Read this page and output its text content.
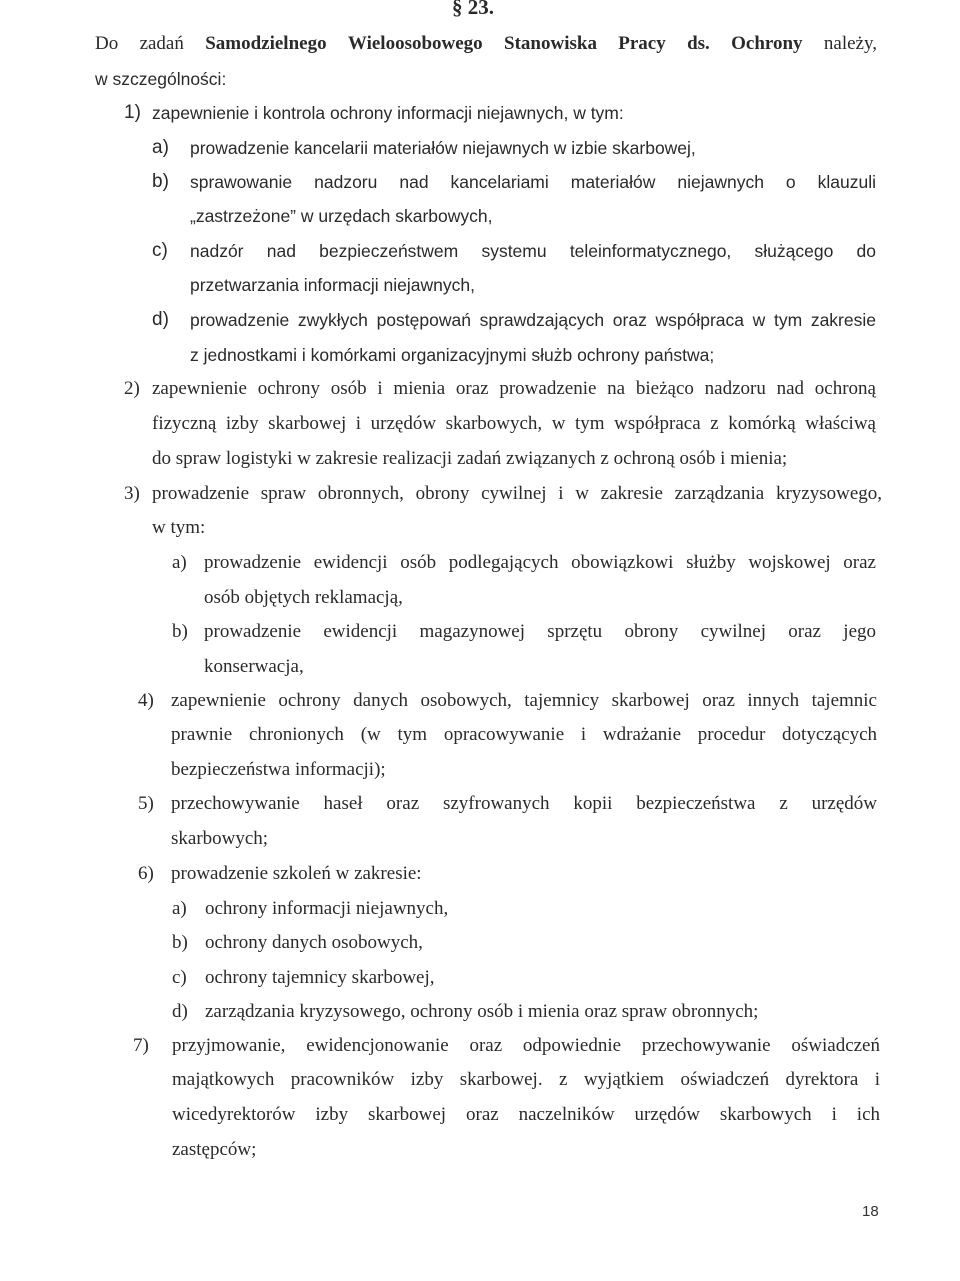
§ 23.
Do zadań Samodzielnego Wieloosobowego Stanowiska Pracy ds. Ochrony należy,
w szczególności:
1) zapewnienie i kontrola ochrony informacji niejawnych, w tym:
a) prowadzenie kancelarii materiałów niejawnych w izbie skarbowej,
b) sprawowanie nadzoru nad kancelariami materiałów niejawnych o klauzuli
„zastrzeżone” w urzędach skarbowych,
c) nadzór nad bezpieczeństwem systemu teleinformatycznego, służącego do
przetwarzania informacji niejawnych,
d) prowadzenie zwykłych postępowań sprawdzających oraz współpraca w tym zakresie
z jednostkami i komórkami organizacyjnymi służb ochrony państwa;
2) zapewnienie ochrony osób i mienia oraz prowadzenie na bieżąco nadzoru nad ochroną
fizyczną izby skarbowej i urzędów skarbowych, w tym współpraca z komórką właściwą
do spraw logistyki w zakresie realizacji zadań związanych z ochroną osób i mienia;
3) prowadzenie spraw obronnych, obrony cywilnej i w zakresie zarządzania kryzysowego,
w tym:
a) prowadzenie ewidencji osób podlegających obowiązkowi służby wojskowej oraz
osób objętych reklamacją,
b) prowadzenie ewidencji magazynowej sprzętu obrony cywilnej oraz jego
konserwacja,
4) zapewnienie ochrony danych osobowych, tajemnicy skarbowej oraz innych tajemnic
prawnie chronionych (w tym opracowywanie i wdrażanie procedur dotyczących
bezpieczeństwa informacji);
5) przechowywanie haseł oraz szyfrowanych kopii bezpieczeństwa z urzędów
skarbowych;
6) prowadzenie szkoleń w zakresie:
a) ochrony informacji niejawnych,
b) ochrony danych osobowych,
c) ochrony tajemnicy skarbowej,
d) zarządzania kryzysowego, ochrony osób i mienia oraz spraw obronnych;
7) przyjmowanie, ewidencjonowanie oraz odpowiednie przechowywanie oświadczeń
majątkowych pracowników izby skarbowej. z wyjątkiem oświadczeń dyrektora i
wicedyrektorów izby skarbowej oraz naczelników urzędów skarbowych i ich
zastępców;
18
